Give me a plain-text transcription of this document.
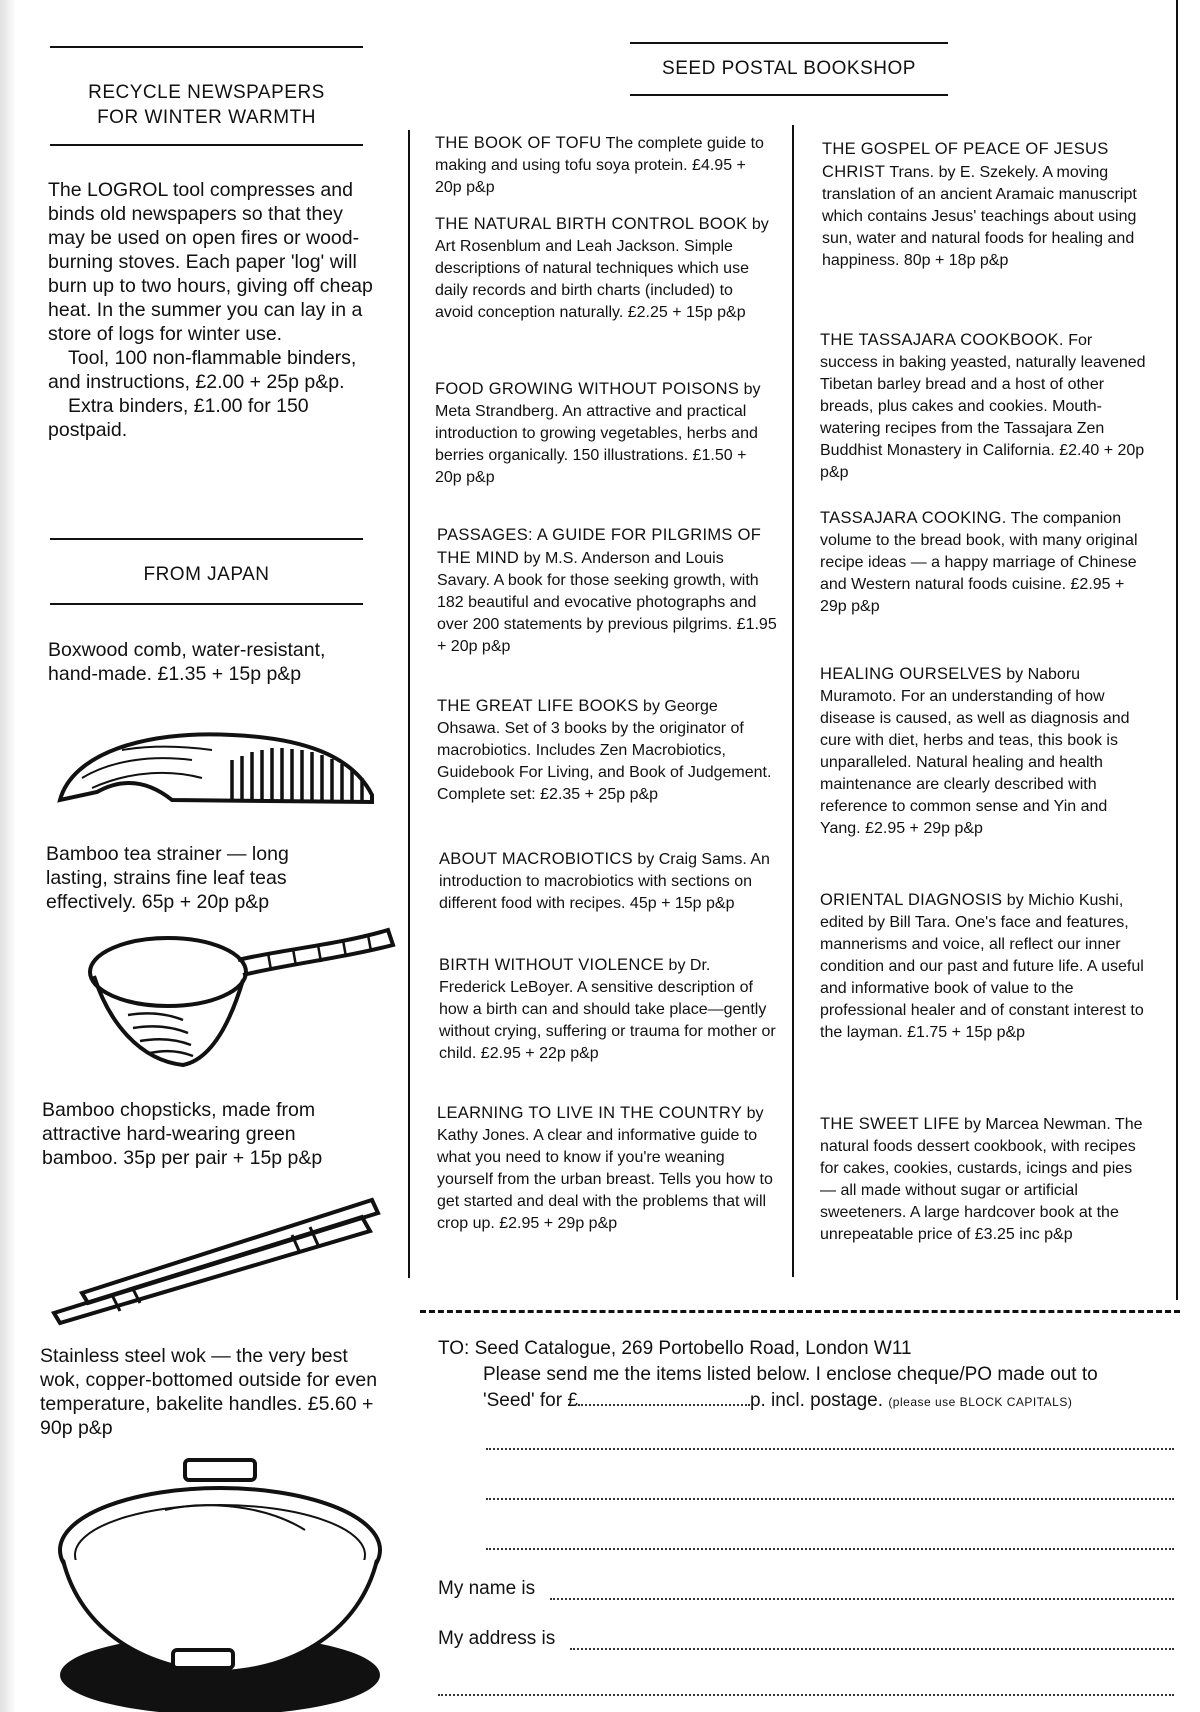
RECYCLE NEWSPAPERS
FOR WINTER WARMTH

The LOGROL tool compresses and binds old newspapers so that they may be used on open fires or wood-burning stoves. Each paper 'log' will burn up to two hours, giving off cheap heat. In the summer you can lay in a store of logs for winter use.

Tool, 100 non-flammable binders, and instructions, £2.00 + 25p p&p.

Extra binders, £1.00 for 150 postpaid.

FROM JAPAN
Boxwood comb, water-resistant, hand-made. £1.35 + 15p p&p
Bamboo tea strainer — long lasting, strains fine leaf teas effectively. 65p + 20p p&p
Bamboo chopsticks, made from attractive hard-wearing green bamboo. 35p per pair + 15p p&p
Stainless steel wok — the very best wok, copper-bottomed outside for even temperature, bakelite handles. £5.60 + 90p p&p
SEED POSTAL BOOKSHOP
THE BOOK OF TOFU The complete guide to making and using tofu soya protein. £4.95 + 20p p&p
THE NATURAL BIRTH CONTROL BOOK by Art Rosenblum and Leah Jackson. Simple descriptions of natural techniques which use daily records and birth charts (included) to avoid conception naturally. £2.25 + 15p p&p
FOOD GROWING WITHOUT POISONS by Meta Strandberg. An attractive and practical introduction to growing vegetables, herbs and berries organically. 150 illustrations. £1.50 + 20p p&p
PASSAGES: A GUIDE FOR PILGRIMS OF THE MIND by M.S. Anderson and Louis Savary. A book for those seeking growth, with 182 beautiful and evocative photographs and over 200 statements by previous pilgrims. £1.95 + 20p p&p
THE GREAT LIFE BOOKS by George Ohsawa. Set of 3 books by the originator of macrobiotics. Includes Zen Macrobiotics, Guidebook For Living, and Book of Judgement. Complete set: £2.35 + 25p p&p
ABOUT MACROBIOTICS by Craig Sams. An introduction to macrobiotics with sections on different food with recipes. 45p + 15p p&p
BIRTH WITHOUT VIOLENCE by Dr. Frederick LeBoyer. A sensitive description of how a birth can and should take place—gently without crying, suffering or trauma for mother or child. £2.95 + 22p p&p
LEARNING TO LIVE IN THE COUNTRY by Kathy Jones. A clear and informative guide to what you need to know if you're weaning yourself from the urban breast. Tells you how to get started and deal with the problems that will crop up. £2.95 + 29p p&p
THE GOSPEL OF PEACE OF JESUS CHRIST Trans. by E. Szekely. A moving translation of an ancient Aramaic manuscript which contains Jesus' teachings about using sun, water and natural foods for healing and happiness. 80p + 18p p&p
THE TASSAJARA COOKBOOK. For success in baking yeasted, naturally leavened Tibetan barley bread and a host of other breads, plus cakes and cookies. Mouth-watering recipes from the Tassajara Zen Buddhist Monastery in California. £2.40 + 20p p&p
TASSAJARA COOKING. The companion volume to the bread book, with many original recipe ideas — a happy marriage of Chinese and Western natural foods cuisine. £2.95 + 29p p&p
HEALING OURSELVES by Naboru Muramoto. For an understanding of how disease is caused, as well as diagnosis and cure with diet, herbs and teas, this book is unparalleled. Natural healing and health maintenance are clearly described with reference to common sense and Yin and Yang. £2.95 + 29p p&p
ORIENTAL DIAGNOSIS by Michio Kushi, edited by Bill Tara. One's face and features, mannerisms and voice, all reflect our inner condition and our past and future life. A useful and informative book of value to the professional healer and of constant interest to the layman. £1.75 + 15p p&p
THE SWEET LIFE by Marcea Newman. The natural foods dessert cookbook, with recipes for cakes, cookies, custards, icings and pies — all made without sugar or artificial sweeteners. A large hardcover book at the unrepeatable price of £3.25 inc p&p
TO: Seed Catalogue, 269 Portobello Road, London W11
Please send me the items listed below. I enclose cheque/PO made out to
'Seed' for £	p. incl. postage. (please use BLOCK CAPITALS)
My name is
My address is
